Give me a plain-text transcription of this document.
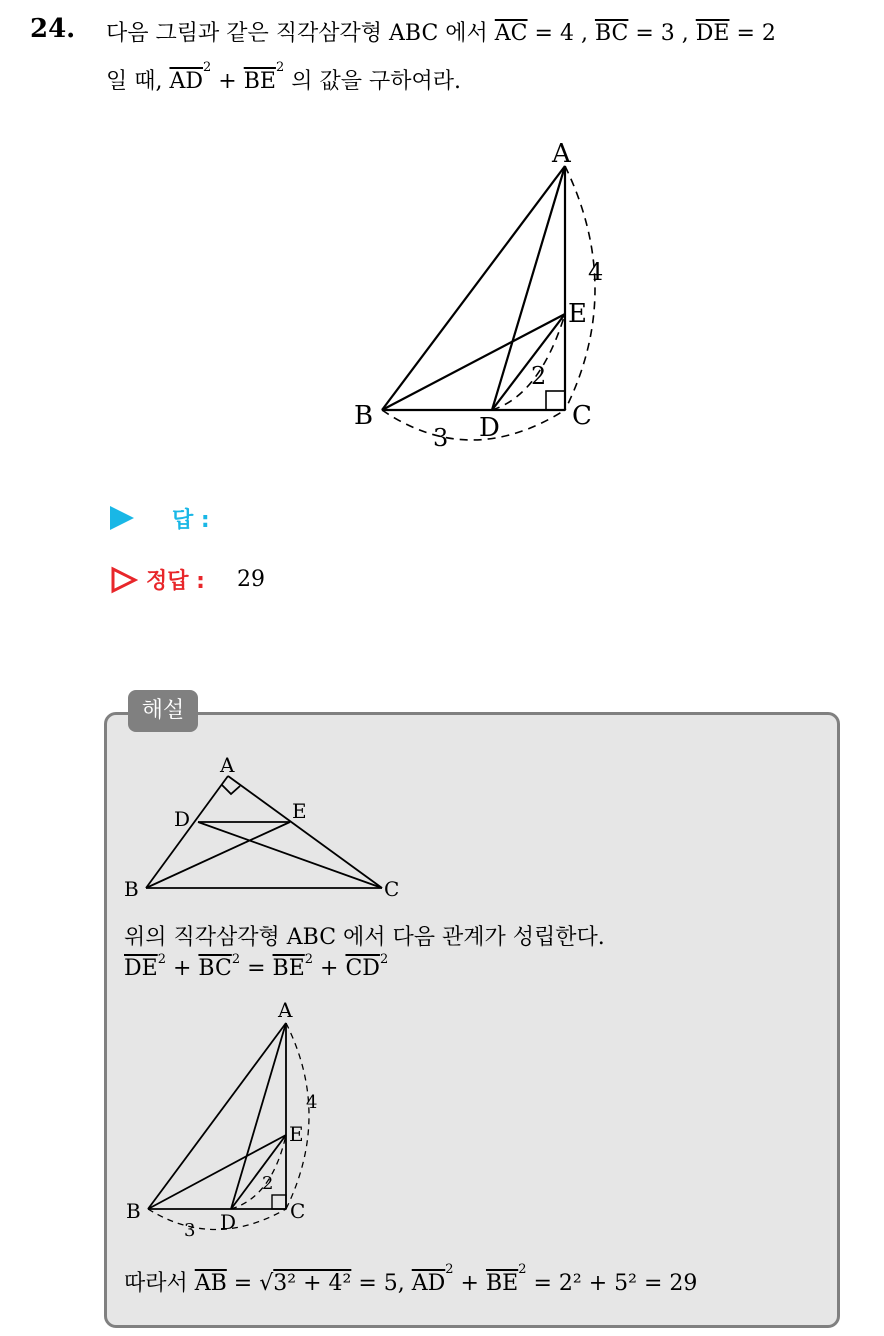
24. 다음 그림과 같은 직각삼각형 ABC 에서 $\overline{AC} = 4$ , $\overline{BC} = 3$ , $\overline{DE} = 2$
일 때, $\overline{AD}^2 + \overline{BE}^2$ 의 값을 구하여라.
A
B	C
D
E
4
3
2
답 :
정답 : 29
해설
A
B	C
D	E
위의 직각삼각형 ABC 에서 다음 관계가 성립한다.
$\overline{DE}^2 + \overline{BC}^2 = \overline{BE}^2 + \overline{CD}^2$
A
B	C
D
E
4
3
2
따라서 $\overline{AB} = √3^2 + 4^2 = 5$, $\overline{AD}^2 + \overline{BE}^2 = 2^2 + 5^2 = 29$
